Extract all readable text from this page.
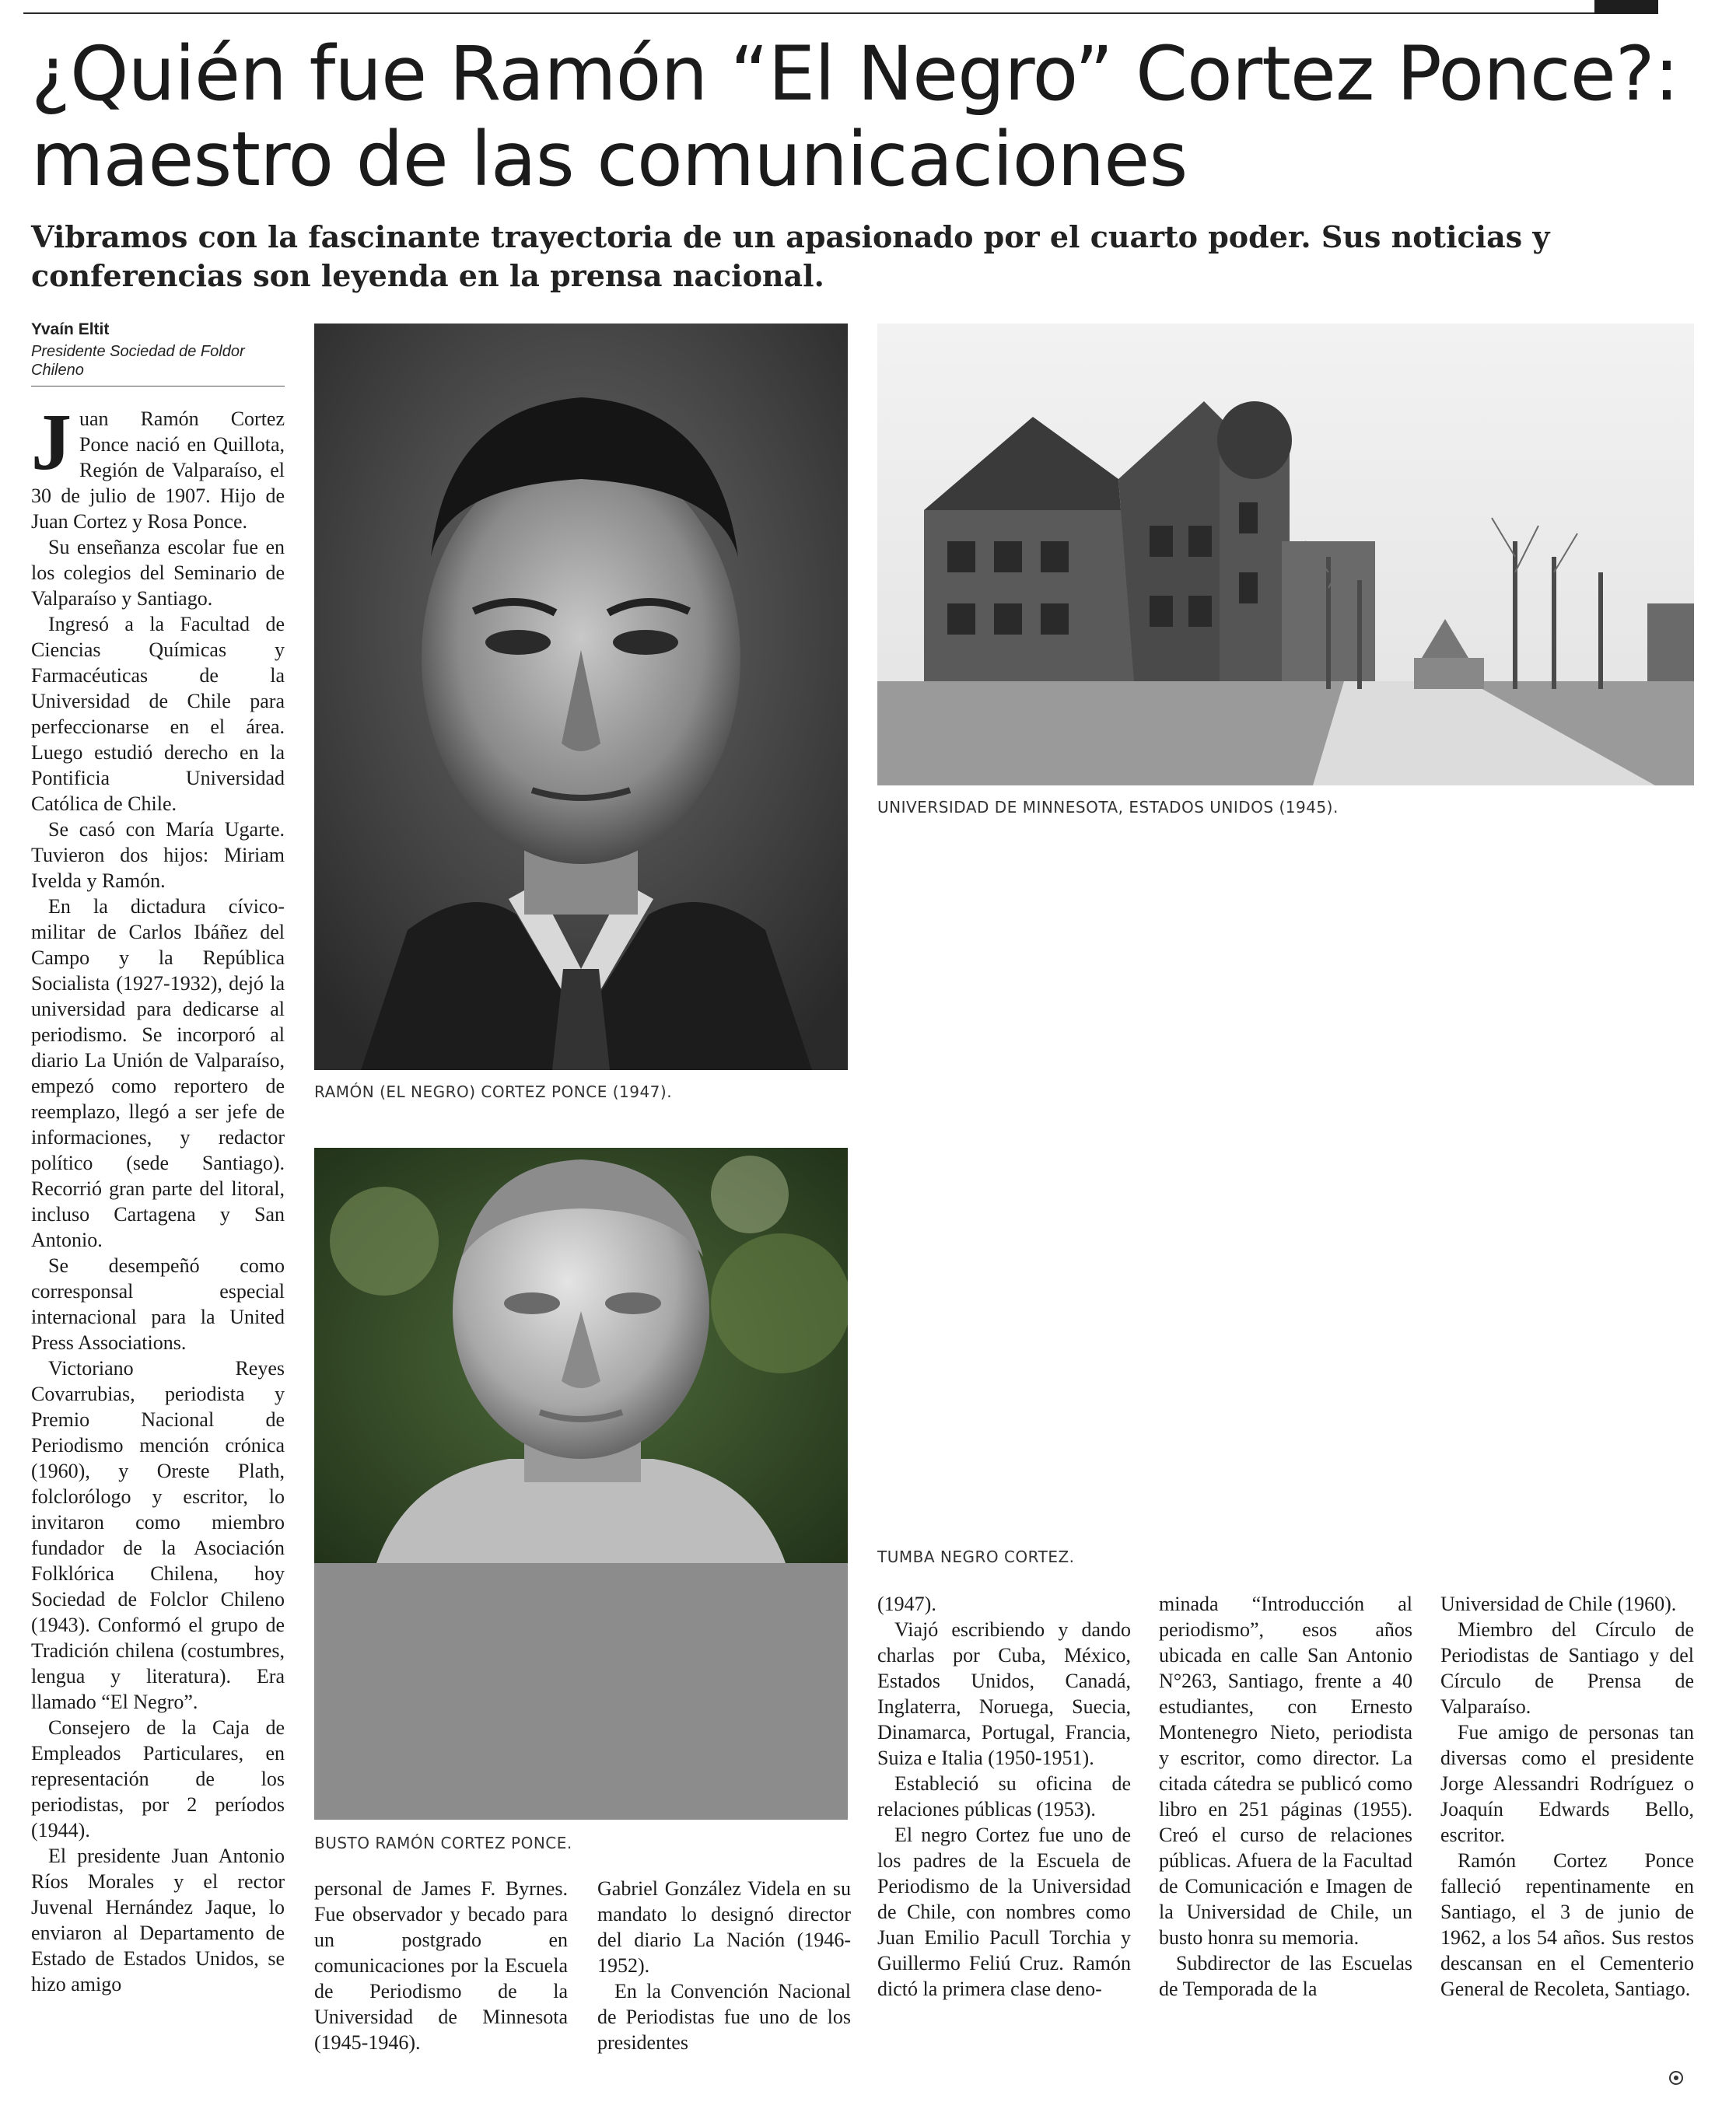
¿Quién fue Ramón “El Negro” Cortez Ponce?: maestro de las comunicaciones

Vibramos con la fascinante trayectoria de un apasionado por el cuarto poder. Sus noticias y conferencias son leyenda en la prensa nacional.

Yvaín Eltit
Presidente Sociedad de Foldor Chileno

Juan Ramón Cortez Ponce nació en Quillota, Región de Valparaíso, el 30 de julio de 1907. Hijo de Juan Cortez y Rosa Ponce.

Su enseñanza escolar fue en los colegios del Seminario de Valparaíso y Santiago.

Ingresó a la Facultad de Ciencias Químicas y Farmacéuticas de la Universidad de Chile para perfeccionarse en el área. Luego estudió derecho en la Pontificia Universidad Católica de Chile.

Se casó con María Ugarte. Tuvieron dos hijos: Miriam Ivelda y Ramón.

En la dictadura cívico-militar de Carlos Ibáñez del Campo y la República Socialista (1927-1932), dejó la universidad para dedicarse al periodismo. Se incorporó al diario La Unión de Valparaíso, empezó como reportero de reemplazo, llegó a ser jefe de informaciones, y redactor político (sede Santiago). Recorrió gran parte del litoral, incluso Cartagena y San Antonio.

Se desempeñó como corresponsal especial internacional para la United Press Associations.

Victoriano Reyes Covarrubias, periodista y Premio Nacional de Periodismo mención crónica (1960), y Oreste Plath, folclorólogo y escritor, lo invitaron como miembro fundador de la Asociación Folklórica Chilena, hoy Sociedad de Folclor Chileno (1943). Conformó el grupo de Tradición chilena (costumbres, lengua y literatura). Era llamado “El Negro”.

Consejero de la Caja de Empleados Particulares, en representación de los periodistas, por 2 períodos (1944).

El presidente Juan Antonio Ríos Morales y el rector Juvenal Hernández Jaque, lo enviaron al Departamento de Estado de Estados Unidos, se hizo amigo

RAMÓN (EL NEGRO) CORTEZ PONCE (1947).
UNIVERSIDAD DE MINNESOTA, ESTADOS UNIDOS (1945).
BUSTO RAMÓN CORTEZ PONCE.
TUMBA NEGRO CORTEZ.

personal de James F. Byrnes. Fue observador y becado para un postgrado en comunicaciones por la Escuela de Periodismo de la Universidad de Minnesota (1945-1946).

Gabriel González Videla en su mandato lo designó director del diario La Nación (1946-1952).

En la Convención Nacional de Periodistas fue uno de los presidentes

(1947).

Viajó escribiendo y dando charlas por Cuba, México, Estados Unidos, Canadá, Inglaterra, Noruega, Suecia, Dinamarca, Portugal, Francia, Suiza e Italia (1950-1951).

Estableció su oficina de relaciones públicas (1953).

El negro Cortez fue uno de los padres de la Escuela de Periodismo de la Universidad de Chile, con nombres como Juan Emilio Pacull Torchia y Guillermo Feliú Cruz. Ramón dictó la primera clase deno-

minada “Introducción al periodismo”, esos años ubicada en calle San Antonio N°263, Santiago, frente a 40 estudiantes, con Ernesto Montenegro Nieto, periodista y escritor, como director. La citada cátedra se publicó como libro en 251 páginas (1955). Creó el curso de relaciones públicas. Afuera de la Facultad de Comunicación e Imagen de la Universidad de Chile, un busto honra su memoria.

Subdirector de las Escuelas de Temporada de la

Universidad de Chile (1960).

Miembro del Círculo de Periodistas de Santiago y del Círculo de Prensa de Valparaíso.

Fue amigo de personas tan diversas como el presidente Jorge Alessandri Rodríguez o Joaquín Edwards Bello, escritor.

Ramón Cortez Ponce falleció repentinamente en Santiago, el 3 de junio de 1962, a los 54 años. Sus restos descansan en el Cementerio General de Recoleta, Santiago.
